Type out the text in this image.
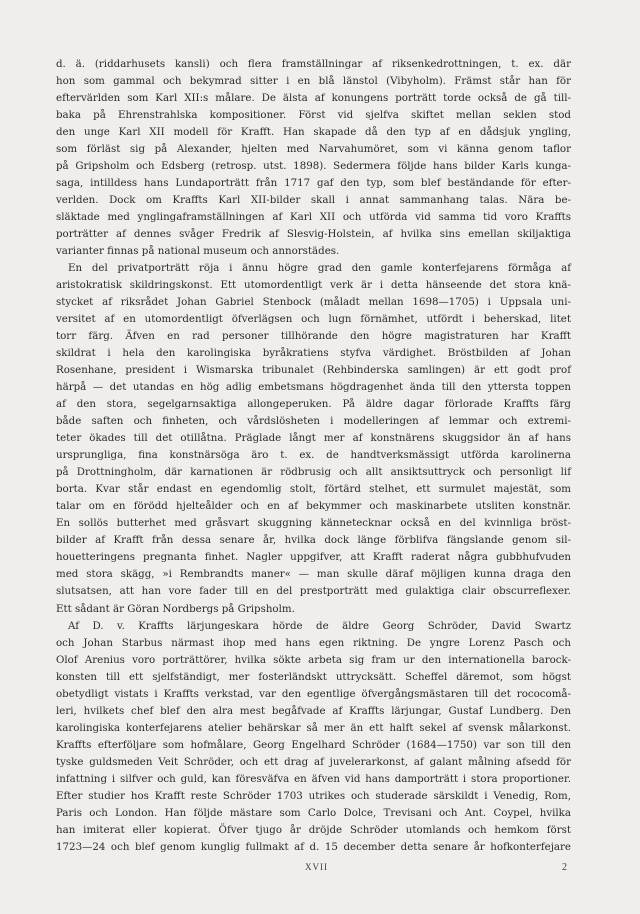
d. ä. (riddarhusets kansli) och flera framställningar af riksenkedrottningen, t. ex. där
hon som gammal och bekymrad sitter i en blå länstol (Vibyholm). Främst står han för
eftervärlden som Karl XII:s målare. De älsta af konungens porträtt torde också de gå till-
baka på Ehrenstrahlska kompositioner. Först vid sjelfva skiftet mellan seklen stod
den unge Karl XII modell för Krafft. Han skapade då den typ af en dådsjuk yngling,
som förläst sig på Alexander, hjelten med Narvahumöret, som vi känna genom taflor
på Gripsholm och Edsberg (retrosp. utst. 1898). Sedermera följde hans bilder Karls kunga-
saga, intilldess hans Lundaporträtt från 1717 gaf den typ, som blef beständande för efter-
verlden. Dock om Kraffts Karl XII-bilder skall i annat sammanhang talas. Nära be-
släktade med ynglingaframställningen af Karl XII och utförda vid samma tid voro Kraffts
porträtter af dennes svåger Fredrik af Slesvig-Holstein, af hvilka sins emellan skiljaktiga
varianter finnas på national museum och annorstädes.
En del privatporträtt röja i ännu högre grad den gamle konterfejarens förmåga af
aristokratisk skildringskonst. Ett utomordentligt verk är i detta hänseende det stora knä-
stycket af riksrådet Johan Gabriel Stenbock (måladt mellan 1698—1705) i Uppsala uni-
versitet af en utomordentligt öfverlägsen och lugn förnämhet, utfördt i beherskad, litet
torr färg. Äfven en rad personer tillhörande den högre magistraturen har Krafft
skildrat i hela den karolingiska byråkratiens styfva värdighet. Bröstbilden af Johan
Rosenhane, president i Wismarska tribunalet (Rehbinderska samlingen) är ett godt prof
härpå — det utandas en hög adlig embetsmans högdragenhet ända till den yttersta toppen
af den stora, segelgarnsaktiga allongeperuken. På äldre dagar förlorade Kraffts färg
både saften och finheten, och vårdslösheten i modelleringen af lemmar och extremi-
teter ökades till det otillåtna. Präglade långt mer af konstnärens skuggsidor än af hans
ursprungliga, fina konstnärsöga äro t. ex. de handtverksmässigt utförda karolinerna
på Drottningholm, där karnationen är rödbrusig och allt ansiktsuttryck och personligt lif
borta. Kvar står endast en egendomlig stolt, förtärd stelhet, ett surmulet majestät, som
talar om en förödd hjelteålder och en af bekymmer och maskinarbete utsliten konstnär.
En sollös butterhet med gråsvart skuggning kännetecknar också en del kvinnliga bröst-
bilder af Krafft från dessa senare år, hvilka dock länge förblifva fängslande genom sil-
houetteringens pregnanta finhet. Nagler uppgifver, att Krafft raderat några gubbhufvuden
med stora skägg, »i Rembrandts maner« — man skulle däraf möjligen kunna draga den
slutsatsen, att han vore fader till en del prestporträtt med gulaktiga clair obscurreflexer.
Ett sådant är Göran Nordbergs på Gripsholm.
Af D. v. Kraffts lärjungeskara hörde de äldre Georg Schröder, David Swartz
och Johan Starbus närmast ihop med hans egen riktning. De yngre Lorenz Pasch och
Olof Arenius voro porträttörer, hvilka sökte arbeta sig fram ur den internationella barock-
konsten till ett sjelfständigt, mer fosterländskt uttrycksätt. Scheffel däremot, som högst
obetydligt vistats i Kraffts verkstad, var den egentlige öfvergångsmästaren till det rococomå-
leri, hvilkets chef blef den alra mest begåfvade af Kraffts lärjungar, Gustaf Lundberg. Den
karolingiska konterfejarens atelier behärskar så mer än ett halft sekel af svensk målarkonst.
Kraffts efterföljare som hofmålare, Georg Engelhard Schröder (1684—1750) var son till den
tyske guldsmeden Veit Schröder, och ett drag af juvelerarkonst, af galant målning afsedd för
infattning i silfver och guld, kan föresväfva en äfven vid hans damporträtt i stora proportioner.
Efter studier hos Krafft reste Schröder 1703 utrikes och studerade särskildt i Venedig, Rom,
Paris och London. Han följde mästare som Carlo Dolce, Trevisani och Ant. Coypel, hvilka
han imiterat eller kopierat. Öfver tjugo år dröjde Schröder utomlands och hemkom först
1723—24 och blef genom kunglig fullmakt af d. 15 december detta senare år hofkonterfejare
XVII	2
